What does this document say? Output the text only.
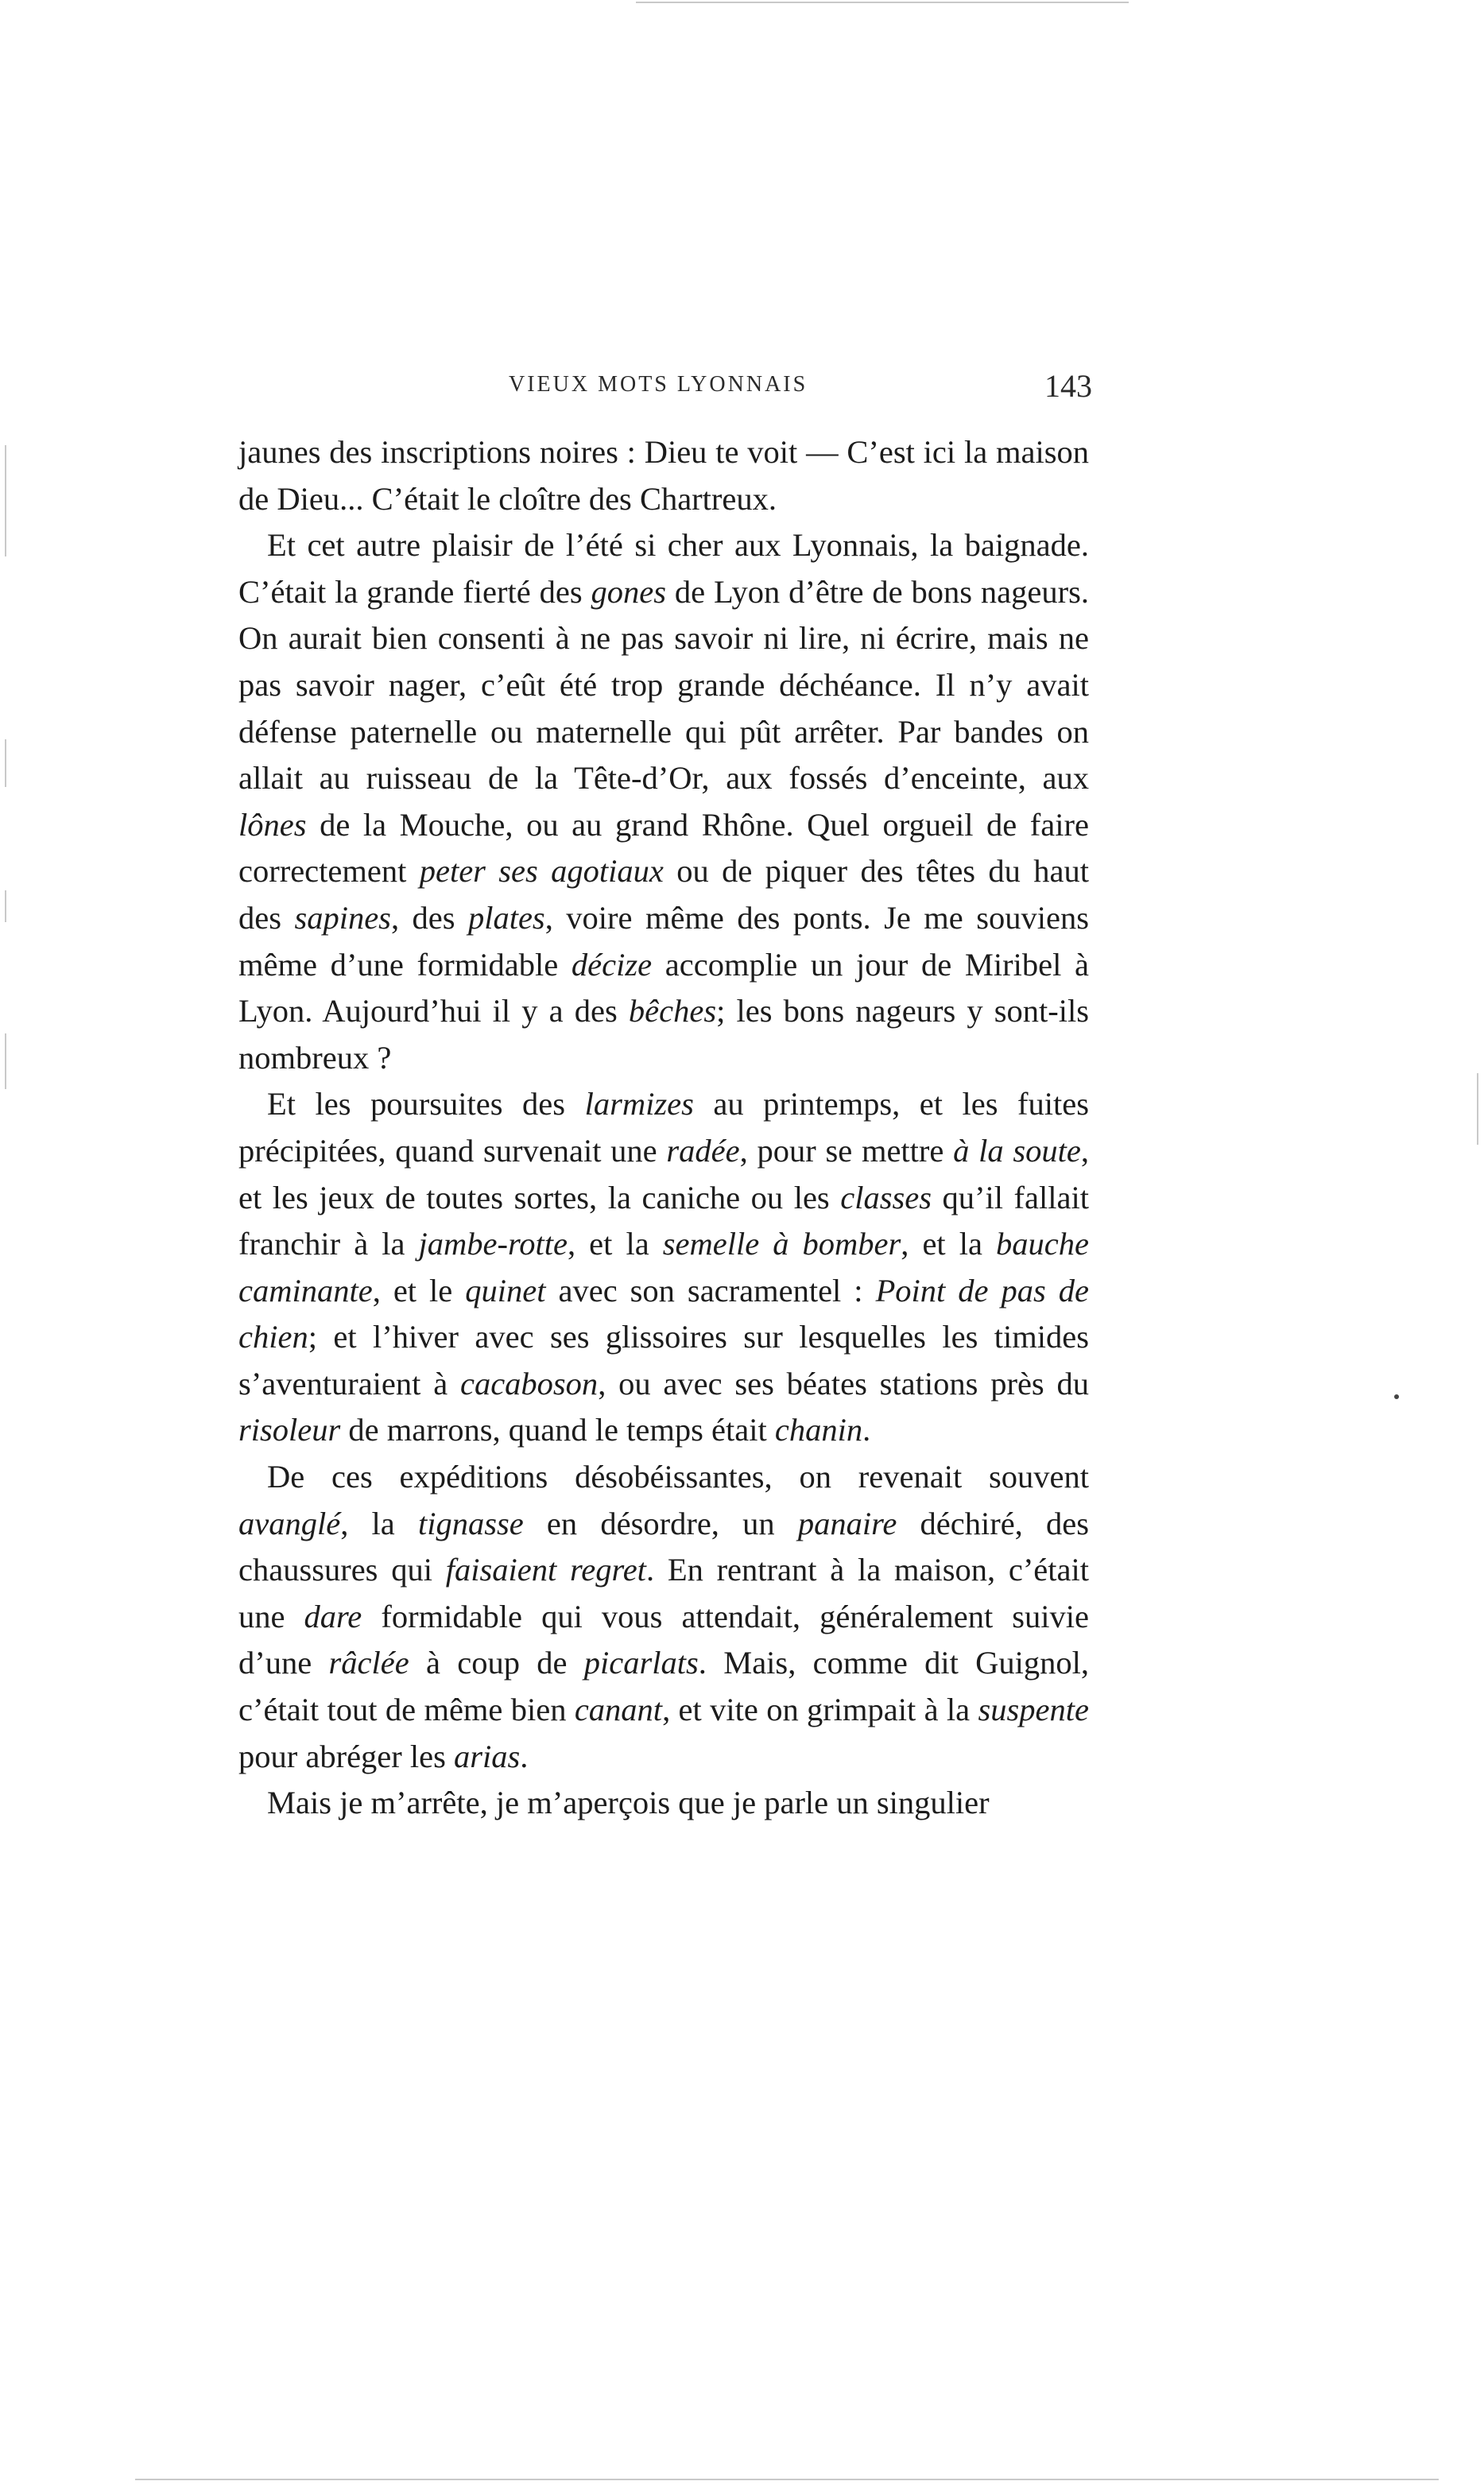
VIEUX MOTS LYONNAIS	143

jaunes des inscriptions noires : Dieu te voit — C’est ici la maison de Dieu... C’était le cloître des Chartreux.

Et cet autre plaisir de l’été si cher aux Lyonnais, la baignade. C’était la grande fierté des gones de Lyon d’être de bons nageurs. On aurait bien consenti à ne pas savoir ni lire, ni écrire, mais ne pas savoir nager, c’eût été trop grande déchéance. Il n’y avait défense paternelle ou maternelle qui pût arrêter. Par bandes on allait au ruisseau de la Tête-d’Or, aux fossés d’enceinte, aux lônes de la Mouche, ou au grand Rhône. Quel orgueil de faire correctement peter ses agotiaux ou de piquer des têtes du haut des sapines, des plates, voire même des ponts. Je me souviens même d’une formidable décize accomplie un jour de Miribel à Lyon. Aujourd’hui il y a des bêches; les bons nageurs y sont-ils nombreux ?

Et les poursuites des larmizes au printemps, et les fuites précipitées, quand survenait une radée, pour se mettre à la soute, et les jeux de toutes sortes, la caniche ou les classes qu’il fallait franchir à la jambe-rotte, et la semelle à bomber, et la bauche caminante, et le quinet avec son sacramentel : Point de pas de chien; et l’hiver avec ses glissoires sur lesquelles les timides s’aventuraient à cacaboson, ou avec ses béates stations près du risoleur de marrons, quand le temps était chanin.

De ces expéditions désobéissantes, on revenait souvent avanglé, la tignasse en désordre, un panaire déchiré, des chaussures qui faisaient regret. En rentrant à la maison, c’était une dare formidable qui vous attendait, généralement suivie d’une râclée à coup de picarlats. Mais, comme dit Guignol, c’était tout de même bien canant, et vite on grimpait à la suspente pour abréger les arias.

Mais je m’arrête, je m’aperçois que je parle un singulier
